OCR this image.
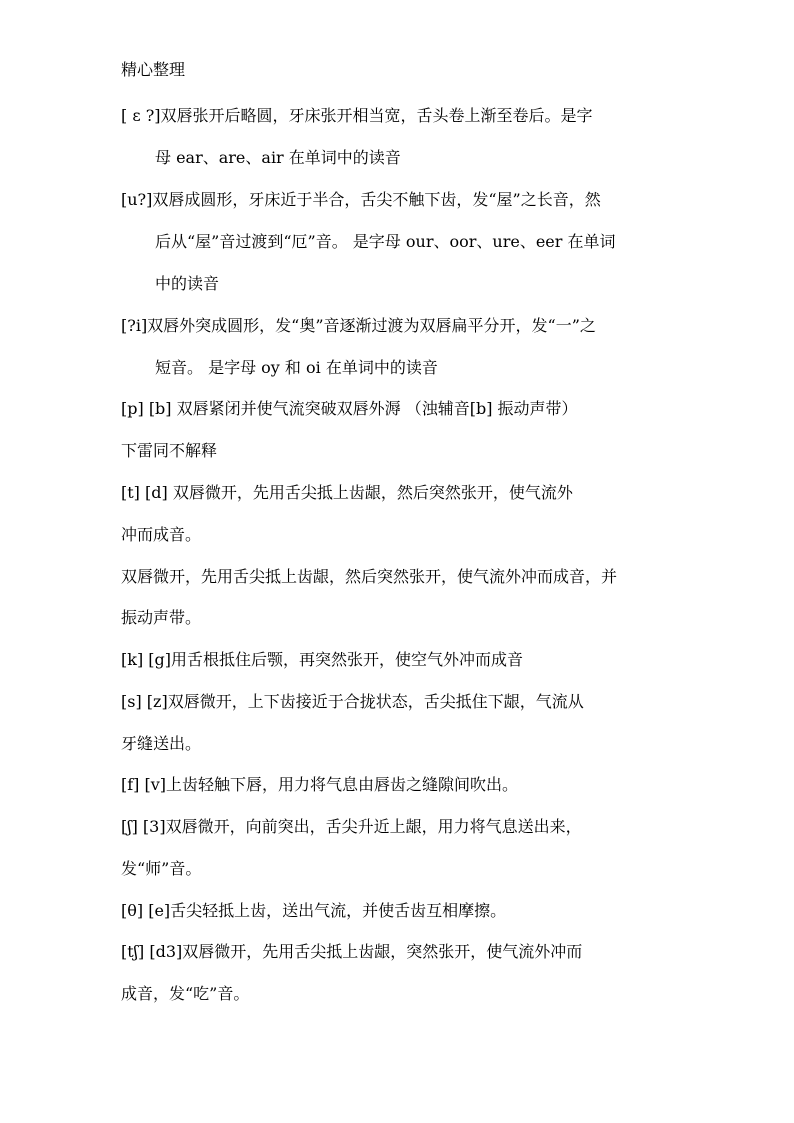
精心整理
[ ɛ ?]双唇张开后略圆，牙床张开相当宽，舌头卷上渐至卷后。是字
母 ear、are、air 在单词中的读音
[u?]双唇成圆形，牙床近于半合，舌尖不触下齿，发“屋”之长音，然
后从“屋”音过渡到“厄”音。 是字母 our、oor、ure、eer 在单词
中的读音
[?i]双唇外突成圆形，发“奥”音逐渐过渡为双唇扁平分开，发“一”之
短音。 是字母 oy 和 oi 在单词中的读音
[p] [b] 双唇紧闭并使气流突破双唇外溽 （浊辅音[b] 振动声带）
下雷同不解释
[t] [d] 双唇微开，先用舌尖抵上齿龈，然后突然张开，使气流外
冲而成音。
双唇微开，先用舌尖抵上齿龈，然后突然张开，使气流外冲而成音，并
振动声带。
[k] [g]用舌根抵住后颚，再突然张开，使空气外冲而成音
[s] [z]双唇微开，上下齿接近于合拢状态，舌尖抵住下龈，气流从
牙缝送出。
[f] [v]上齿轻触下唇，用力将气息由唇齿之缝隙间吹出。
[ʃ] [3]双唇微开，向前突出，舌尖升近上龈，用力将气息送出来，
发“师”音。
[θ] [e]舌尖轻抵上齿，送出气流，并使舌齿互相摩擦。
[tʃ] [d3]双唇微开，先用舌尖抵上齿龈，突然张开，使气流外冲而
成音，发“吃”音。
